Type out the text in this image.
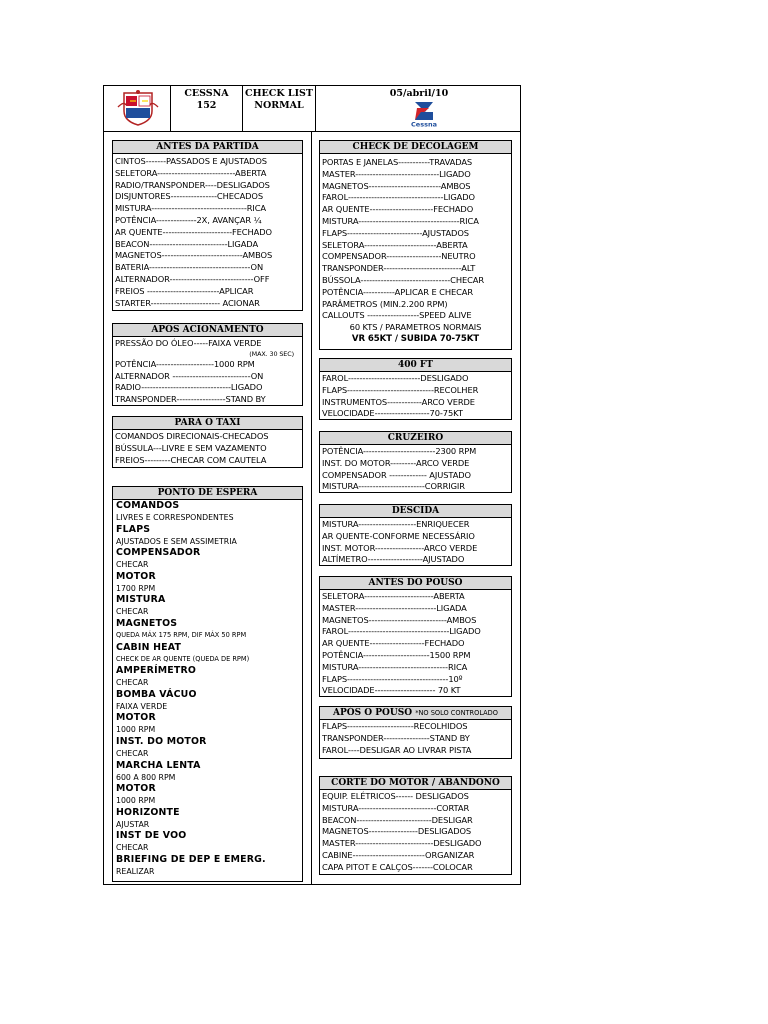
CESSNA
152
CHECK LIST
NORMAL
05/abril/10
Cessna
ANTES DA PARTIDA
CINTOS-------PASSADOS E AJUSTADOS
SELETORA---------------------------ABERTA
RADIO/TRANSPONDER----DESLIGADOS
DISJUNTORES----------------CHECADOS
MISTURA---------------------------------RICA
POTÊNCIA--------------2X, AVANÇAR ¼
AR QUENTE------------------------FECHADO
BEACON---------------------------LIGADA
MAGNETOS----------------------------AMBOS
BATERIA-----------------------------------ON
ALTERNADOR-----------------------------OFF
FREIOS -------------------------APLICAR
STARTER------------------------ ACIONAR
APÓS ACIONAMENTO
PRESSÃO DO ÓLEO-----FAIXA VERDE
(MAX. 30 SEC)
POTÊNCIA--------------------1000 RPM
ALTERNADOR ---------------------------ON
RADIO-------------------------------LIGADO
TRANSPONDER-----------------STAND BY
PARA O TAXI
COMANDOS DIRECIONAIS-CHECADOS
BÚSSULA---LIVRE E SEM VAZAMENTO
FREIOS---------CHECAR COM CAUTELA
PONTO DE ESPERA
COMANDOS
LIVRES E CORRESPONDENTES
FLAPS
AJUSTADOS E SEM ASSIMETRIA
COMPENSADOR
CHECAR
MOTOR
1700 RPM
MISTURA
CHECAR
MAGNETOS
QUEDA MÁX 175 RPM, DIF MÁX 50 RPM
CABIN HEAT
CHECK DE AR QUENTE (QUEDA DE RPM)
AMPERÍMETRO
CHECAR
BOMBA VÁCUO
FAIXA VERDE
MOTOR
1000 RPM
INST. DO MOTOR
CHECAR
MARCHA LENTA
600 A 800 RPM
MOTOR
1000 RPM
HORIZONTE
AJUSTAR
INST DE VOO
CHECAR
BRIEFING DE DEP E EMERG.
REALIZAR
CHECK DE DECOLAGEM
PORTAS E JANELAS-----------TRAVADAS
MASTER-----------------------------LIGADO
MAGNETOS-------------------------AMBOS
FAROL---------------------------------LIGADO
AR QUENTE----------------------FECHADO
MISTURA-----------------------------------RICA
FLAPS--------------------------AJUSTADOS
SELETORA-------------------------ABERTA
COMPENSADOR-------------------NEUTRO
TRANSPONDER---------------------------ALT
BÚSSOLA-------------------------------CHECAR
POTÊNCIA-----------APLICAR E CHECAR
PARÂMETROS (MIN.2.200 RPM)
CALLOUTS ------------------SPEED ALIVE
60 KTS / PARAMETROS NORMAIS
VR 65KT / SUBIDA 70-75KT
400 FT
FAROL-------------------------DESLIGADO
FLAPS------------------------------RECOLHER
INSTRUMENTOS------------ARCO VERDE
VELOCIDADE-------------------70-75KT
CRUZEIRO
POTÊNCIA-------------------------2300 RPM
INST. DO MOTOR---------ARCO VERDE
COMPENSADOR ------------- AJUSTADO
MISTURA-----------------------CORRIGIR
DESCIDA
MISTURA--------------------ENRIQUECER
AR QUENTE-CONFORME NECESSÁRIO
INST. MOTOR-----------------ARCO VERDE
ALTÍMETRO-------------------AJUSTADO
ANTES DO POUSO
SELETORA------------------------ABERTA
MASTER----------------------------LIGADA
MAGNETOS---------------------------AMBOS
FAROL-----------------------------------LIGADO
AR QUENTE-------------------FECHADO
POTÊNCIA-----------------------1500 RPM
MISTURA-------------------------------RICA
FLAPS-----------------------------------10º
VELOCIDADE--------------------- 70 KT
APÓS O POUSO *NO SOLO CONTROLADO
FLAPS-----------------------RECOLHIDOS
TRANSPONDER----------------STAND BY
FAROL----DESLIGAR AO LIVRAR PISTA
CORTE DO MOTOR / ABANDONO
EQUIP. ELÉTRICOS------ DESLIGADOS
MISTURA---------------------------CORTAR
BEACON--------------------------DESLIGAR
MAGNETOS-----------------DESLIGADOS
MASTER---------------------------DESLIGADO
CABINE-------------------------ORGANIZAR
CAPA PITOT E CALÇOS-------COLOCAR
